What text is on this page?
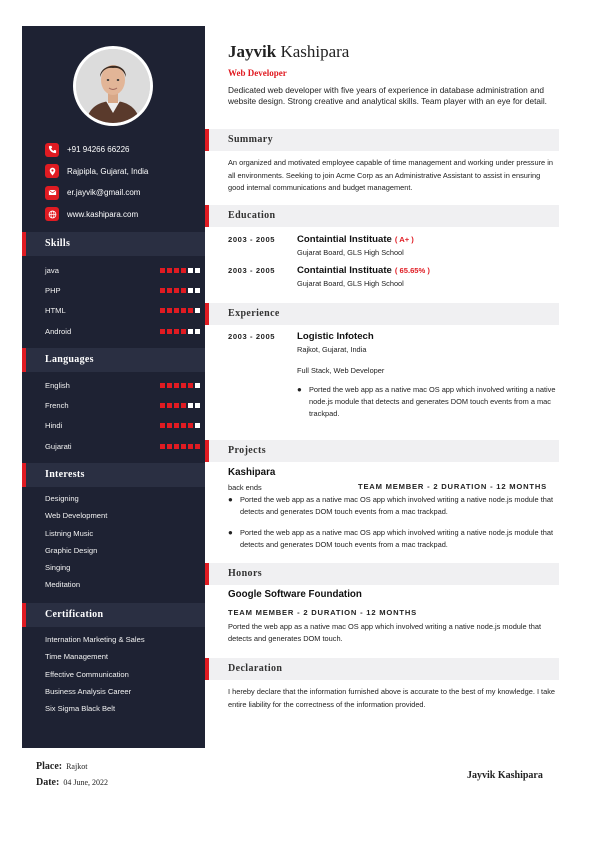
+91 94266 66226
Rajpipla, Gujarat, India
er.jayvik@gmail.com
www.kashipara.com
Skills
java
PHP
HTML
Android
Languages
English
French
Hindi
Gujarati
Interests
Designing
Web Development
Listning Music
Graphic Design
Singing
Meditation
Certification
Internation Marketing & Sales
Time Management
Effective Communication
Business Analysis Career
Six Sigma Black Belt
Jayvik Kashipara
Web Developer
Dedicated web developer with five years of experience in database administration and website design. Strong creative and analytical skills. Team player with an eye for detail.
Summary
An organized and motivated employee capable of time management and working under pressure in all environments. Seeking to join Acme Corp as an Administrative Assistant to assist in ensuring good internal communications and budget management.
Education
2003 - 2005 Containtial Instituate ( A+ )
Gujarat Board, GLS High School
2003 - 2005 Containtial Instituate ( 65.65% )
Gujarat Board, GLS High School
Experience
2003 - 2005 Logistic Infotech
Rajkot, Gujarat, India
Full Stack, Web Developer
● Ported the web app as a native mac OS app which involved writing a native node.js module that detects and generates DOM touch events from a mac trackpad.
Projects
Kashipara
back ends	TEAM MEMBER - 2 DURATION - 12 MONTHS
● Ported the web app as a native mac OS app which involved writing a native node.js module that detects and generates DOM touch events from a mac trackpad.
● Ported the web app as a native mac OS app which involved writing a native node.js module that detects and generates DOM touch events from a mac trackpad.
Honors
Google Software Foundation
TEAM MEMBER - 2 DURATION - 12 MONTHS
Ported the web app as a native mac OS app which involved writing a native node.js module that detects and generates DOM touch.
Declaration
I hereby declare that the information furnished above is accurate to the best of my knowledge. I take entire liability for the correctness of the information provided.
Place: Rajkot
Date: 04 June, 2022
Jayvik Kashipara
